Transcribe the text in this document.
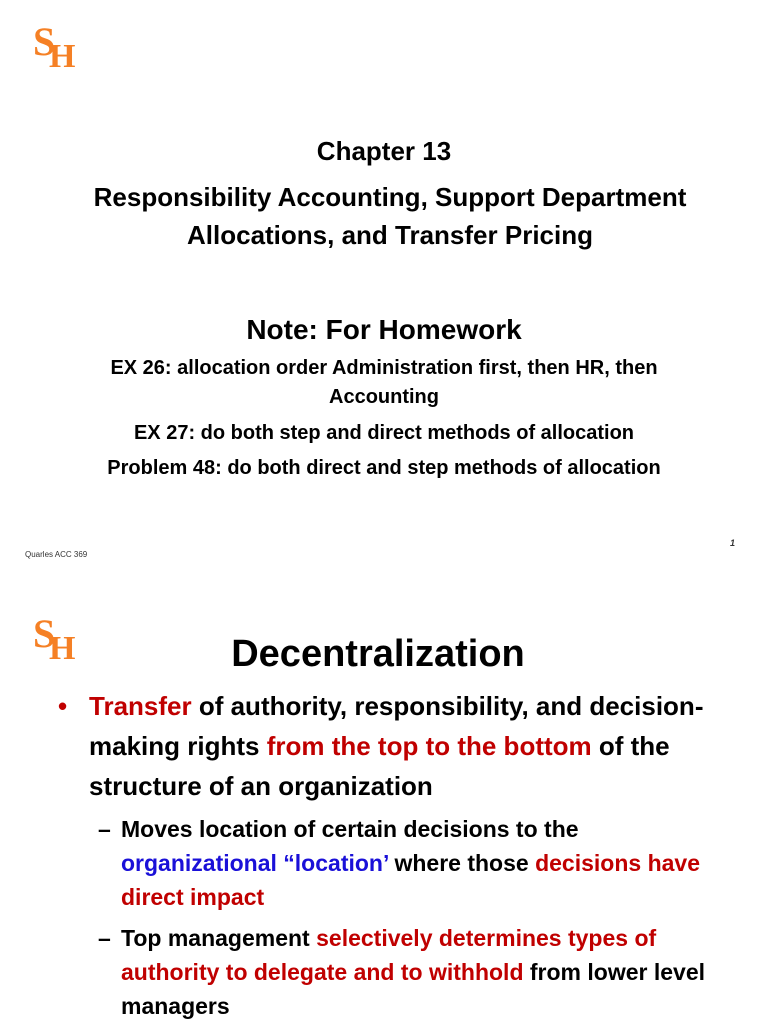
S
H
Chapter 13
Responsibility Accounting, Support Department Allocations, and Transfer Pricing
Note: For Homework
EX 26: allocation order Administration first, then HR, then Accounting
EX 27: do both step and direct methods of allocation
Problem 48: do both direct and step methods of allocation
Quarles ACC 369
1
S
H	Decentralization
• Transfer of authority, responsibility, and decision-making rights from the top to the bottom of the structure of an organization
– Moves location of certain decisions to the organizational “location’ where those decisions have direct impact
– Top management selectively determines types of authority to delegate and to withhold from lower level managers
